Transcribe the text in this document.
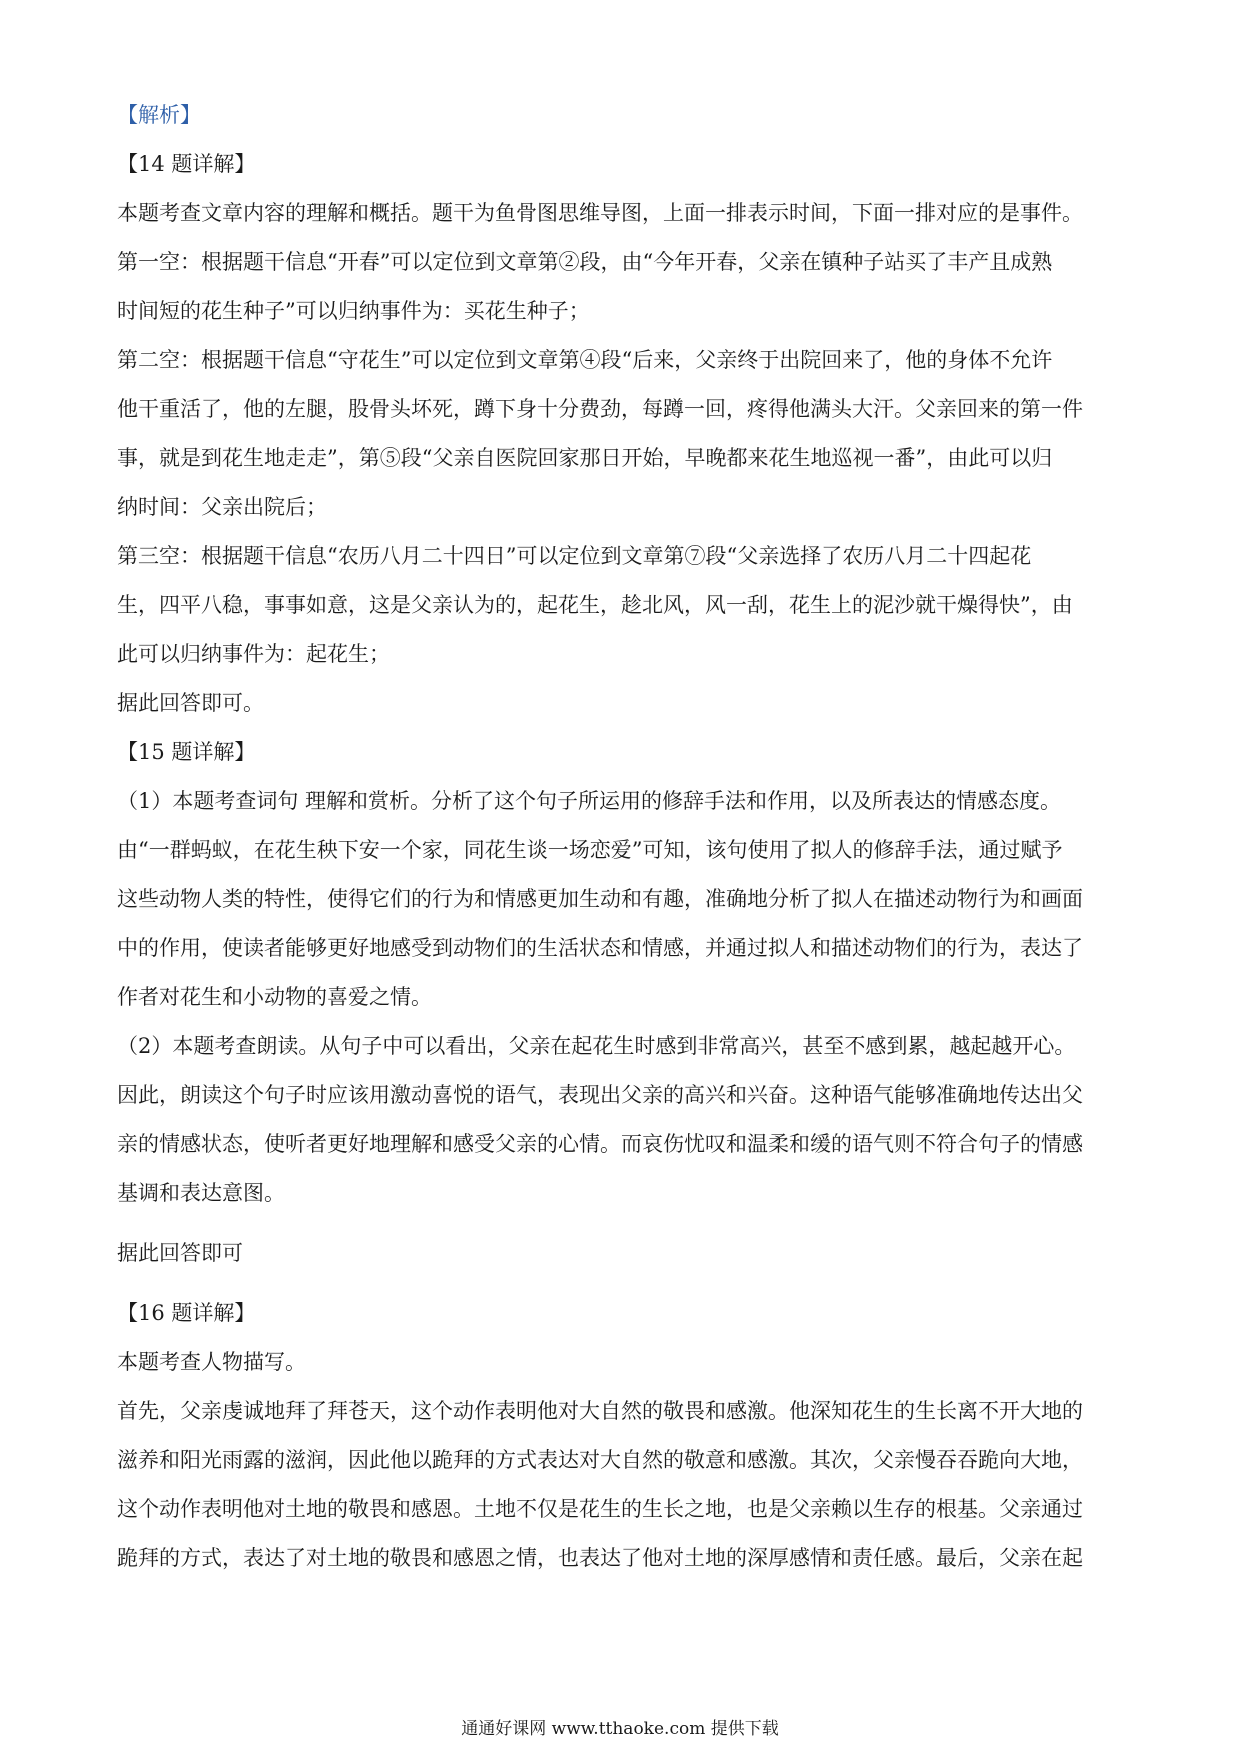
【解析】

【14 题详解】

本题考查文章内容的理解和概括。题干为鱼骨图思维导图，上面一排表示时间，下面一排对应的是事件。

第一空：根据题干信息“开春”可以定位到文章第②段，由“今年开春，父亲在镇种子站买了丰产且成熟

时间短的花生种子”可以归纳事件为：买花生种子；

第二空：根据题干信息“守花生”可以定位到文章第④段“后来，父亲终于出院回来了，他的身体不允许

他干重活了，他的左腿，股骨头坏死，蹲下身十分费劲，每蹲一回，疼得他满头大汗。父亲回来的第一件

事，就是到花生地走走”，第⑤段“父亲自医院回家那日开始，早晚都来花生地巡视一番”，由此可以归

纳时间：父亲出院后；

第三空：根据题干信息“农历八月二十四日”可以定位到文章第⑦段“父亲选择了农历八月二十四起花

生，四平八稳，事事如意，这是父亲认为的，起花生，趁北风，风一刮，花生上的泥沙就干燥得快”，由

此可以归纳事件为：起花生；

据此回答即可。

【15 题详解】

（1）本题考查词句 理解和赏析。分析了这个句子所运用的修辞手法和作用，以及所表达的情感态度。

由“一群蚂蚁，在花生秧下安一个家，同花生谈一场恋爱”可知，该句使用了拟人的修辞手法，通过赋予

这些动物人类的特性，使得它们的行为和情感更加生动和有趣，准确地分析了拟人在描述动物行为和画面

中的作用，使读者能够更好地感受到动物们的生活状态和情感，并通过拟人和描述动物们的行为，表达了

作者对花生和小动物的喜爱之情。

（2）本题考查朗读。从句子中可以看出，父亲在起花生时感到非常高兴，甚至不感到累，越起越开心。

因此，朗读这个句子时应该用激动喜悦的语气，表现出父亲的高兴和兴奋。这种语气能够准确地传达出父

亲的情感状态，使听者更好地理解和感受父亲的心情。而哀伤忧叹和温柔和缓的语气则不符合句子的情感

基调和表达意图。

据此回答即可

【16 题详解】

本题考查人物描写。

首先，父亲虔诚地拜了拜苍天，这个动作表明他对大自然的敬畏和感激。他深知花生的生长离不开大地的

滋养和阳光雨露的滋润，因此他以跪拜的方式表达对大自然的敬意和感激。其次，父亲慢吞吞跪向大地，

这个动作表明他对土地的敬畏和感恩。土地不仅是花生的生长之地，也是父亲赖以生存的根基。父亲通过

跪拜的方式，表达了对土地的敬畏和感恩之情，也表达了他对土地的深厚感情和责任感。最后，父亲在起

通通好课网 www.tthaoke.com 提供下载
